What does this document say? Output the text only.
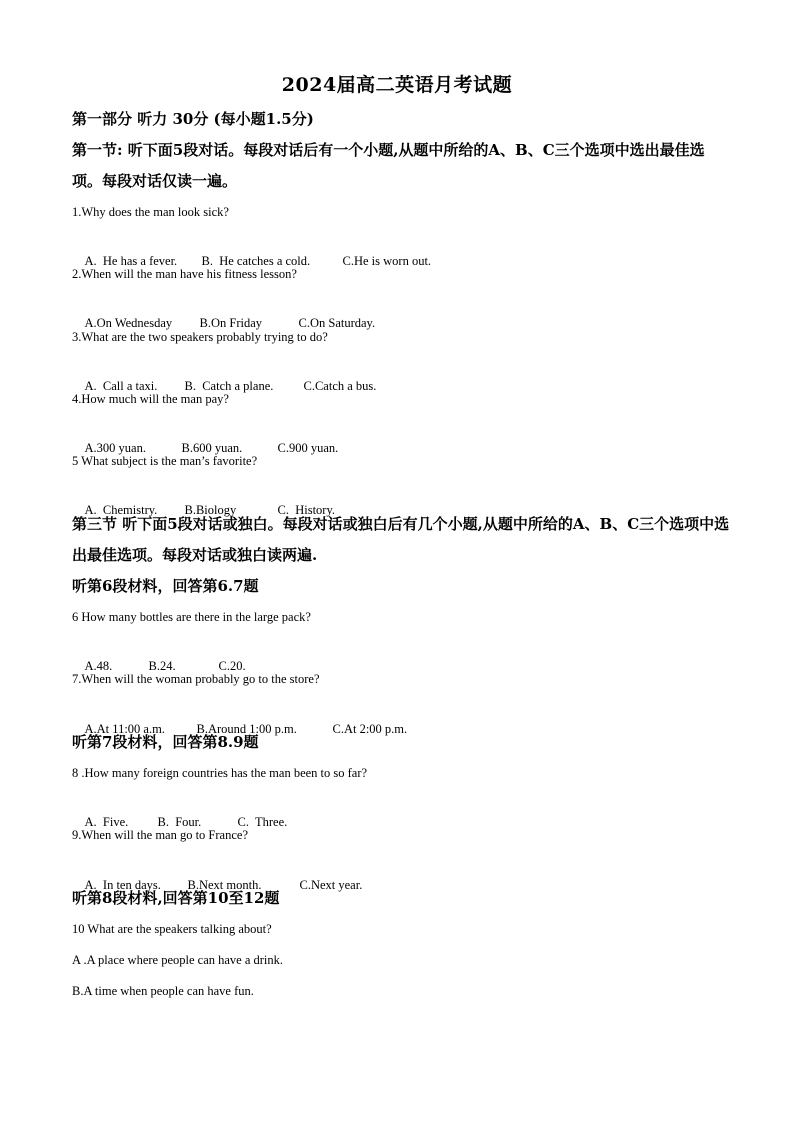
2024届高二英语月考试题
第一部分 听力 30分 (每小题1.5分)
第一节: 听下面5段对话。每段对话后有一个小题,从题中所给的A、B、C三个选项中选出最佳选项。每段对话仅读一遍。
1.Why does the man look sick?

A.  He has a fever. B.  He catches a cold.	C.He is worn out.

2.When will the man have his fitness lesson?

A.On Wednesday B.On Friday	C.On Saturday.

3.What are the two speakers probably trying to do?

A.  Call a taxi. B.  Catch a plane. C.Catch a bus.

4.How much will the man pay?

A.300 yuan.	B.600 yuan.	C.900 yuan.

5 What subject is the man’s favorite?

A.  Chemistry. B.Biology	C.  History.

第三节 听下面5段对话或独白。每段对话或独白后有几个小题,从题中所给的A、B、C三个选项中选出最佳选项。每段对话或独白读两遍.
听第6段材料，回答第6.7题
6 How many bottles are there in the large pack?

A.48.	B.24.	C.20.

7.When will the woman probably go to the store?

A.At 11:00 a.m.	B.Around 1:00 p.m.	C.At 2:00 p.m.

听第7段材料，回答第8.9题
8 .How many foreign countries has the man been to so far?

A.  Five. B.  Four.	C.  Three.

9.When will the man go to France?

A.  In ten days. B.Next month.	C.Next year.

听第8段材料,回答第10至12题
10 What are the speakers talking about?
A .A place where people can have a drink.
B.A time when people can have fun.
